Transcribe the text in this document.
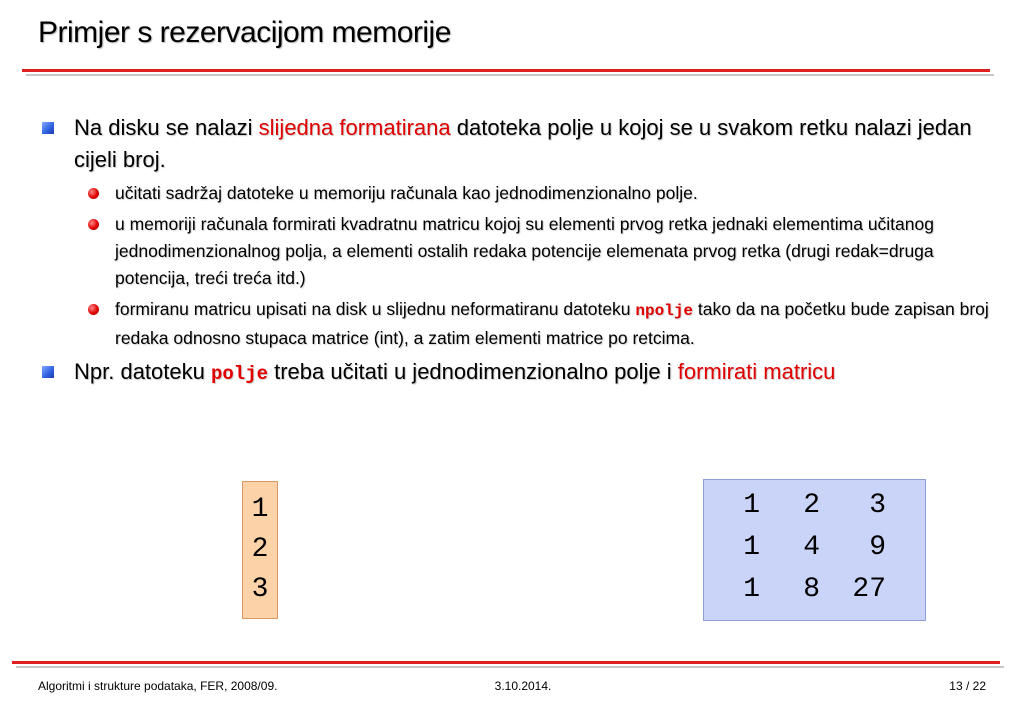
Primjer s rezervacijom memorije
Na disku se nalazi slijedna formatirana datoteka polje u kojoj se u svakom retku nalazi jedan cijeli broj.
učitati sadržaj datoteke u memoriju računala kao jednodimenzionalno polje.
u memoriji računala formirati kvadratnu matricu kojoj su elementi prvog retka jednaki elementima učitanog jednodimenzionalnog polja, a elementi ostalih redaka potencije elemenata prvog retka (drugi redak=druga potencija, treći treća itd.)
formiranu matricu upisati na disk u slijednu neformatiranu datoteku npolje tako da na početku bude zapisan broj redaka odnosno stupaca matrice (int), a zatim elementi matrice po retcima.
Npr. datoteku polje treba učitati u jednodimenzionalno polje i formirati matricu
1
2
3
1	2	3
1	4	9
1	8	27
Algoritmi i strukture podataka, FER, 2008/09.	3.10.2014.	13 / 22
